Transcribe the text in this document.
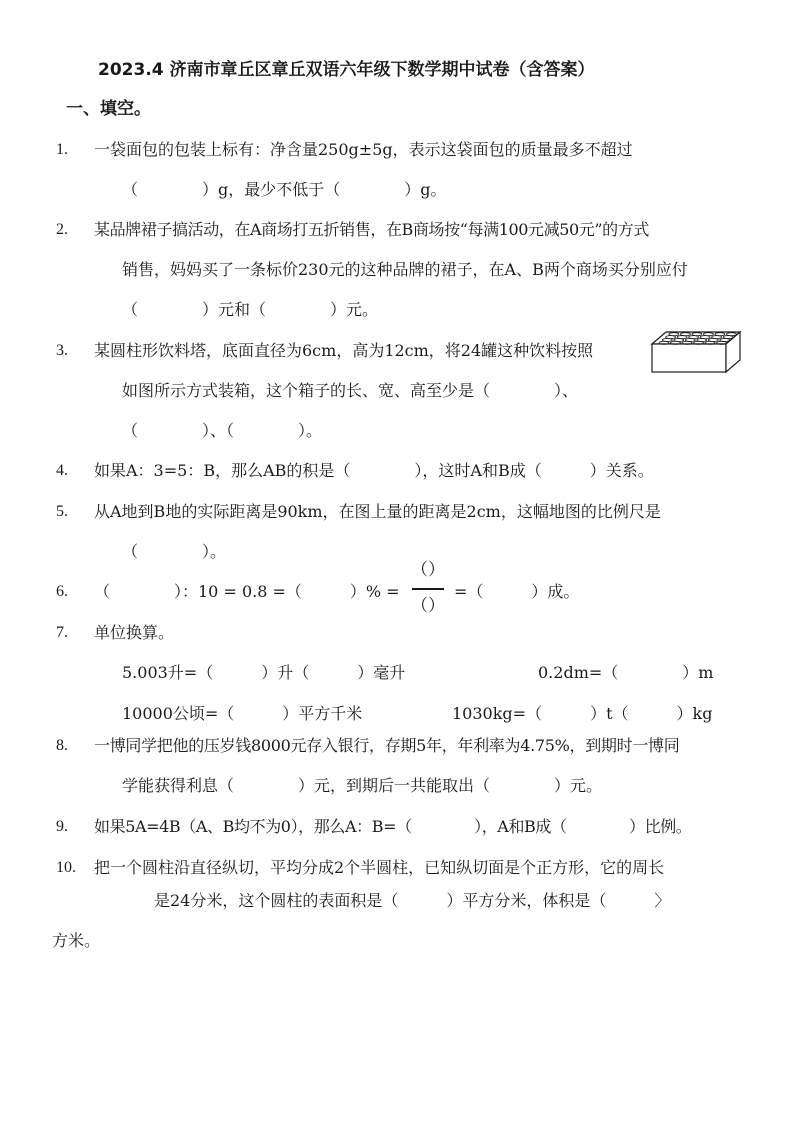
2023.4 济南市章丘区章丘双语六年级下数学期中试卷（含答案）
一、填空。
1. 一袋面包的包装上标有：净含量250g±5g，表示这袋面包的质量最多不超过
（　　　　）g，最少不低于（　　　　）g。
2. 某品牌裙子搞活动，在A商场打五折销售，在B商场按“每满100元减50元”的方式
销售，妈妈买了一条标价230元的这种品牌的裙子，在A、B两个商场买分别应付
（　　　　）元和（　　　　）元。
3. 某圆柱形饮料塔，底面直径为6cm，高为12cm，将24罐这种饮料按照
如图所示方式装箱，这个箱子的长、宽、高至少是（　　　　）、
（　　　　）、（　　　　）。
4. 如果A：3=5：B，那么AB的积是（　　　　），这时A和B成（　　　）关系。
5. 从A地到B地的实际距离是90km，在图上量的距离是2cm，这幅地图的比例尺是
（　　　　）。
6. （　　　　）：10 = 0.8 =（　　　）% =
（）
（）
=（　　　）成。
7. 单位换算。
5.003升=（　　　）升（　　　）毫升	0.2dm=（　　　　）m
10000公顷=（　　　）平方千米	1030kg=（　　　）t（　　　）kg
8. 一博同学把他的压岁钱8000元存入银行，存期5年，年利率为4.75%，到期时一博同
学能获得利息（　　　　）元，到期后一共能取出（　　　　）元。
9. 如果5A=4B（A、B均不为0），那么A：B=（　　　　），A和B成（　　　　）比例。
10. 把一个圆柱沿直径纵切，平均分成2个半圆柱，已知纵切面是个正方形，它的周长
是24分米，这个圆柱的表面积是（　　　）平方分米，体积是（　　　〉
方米。
